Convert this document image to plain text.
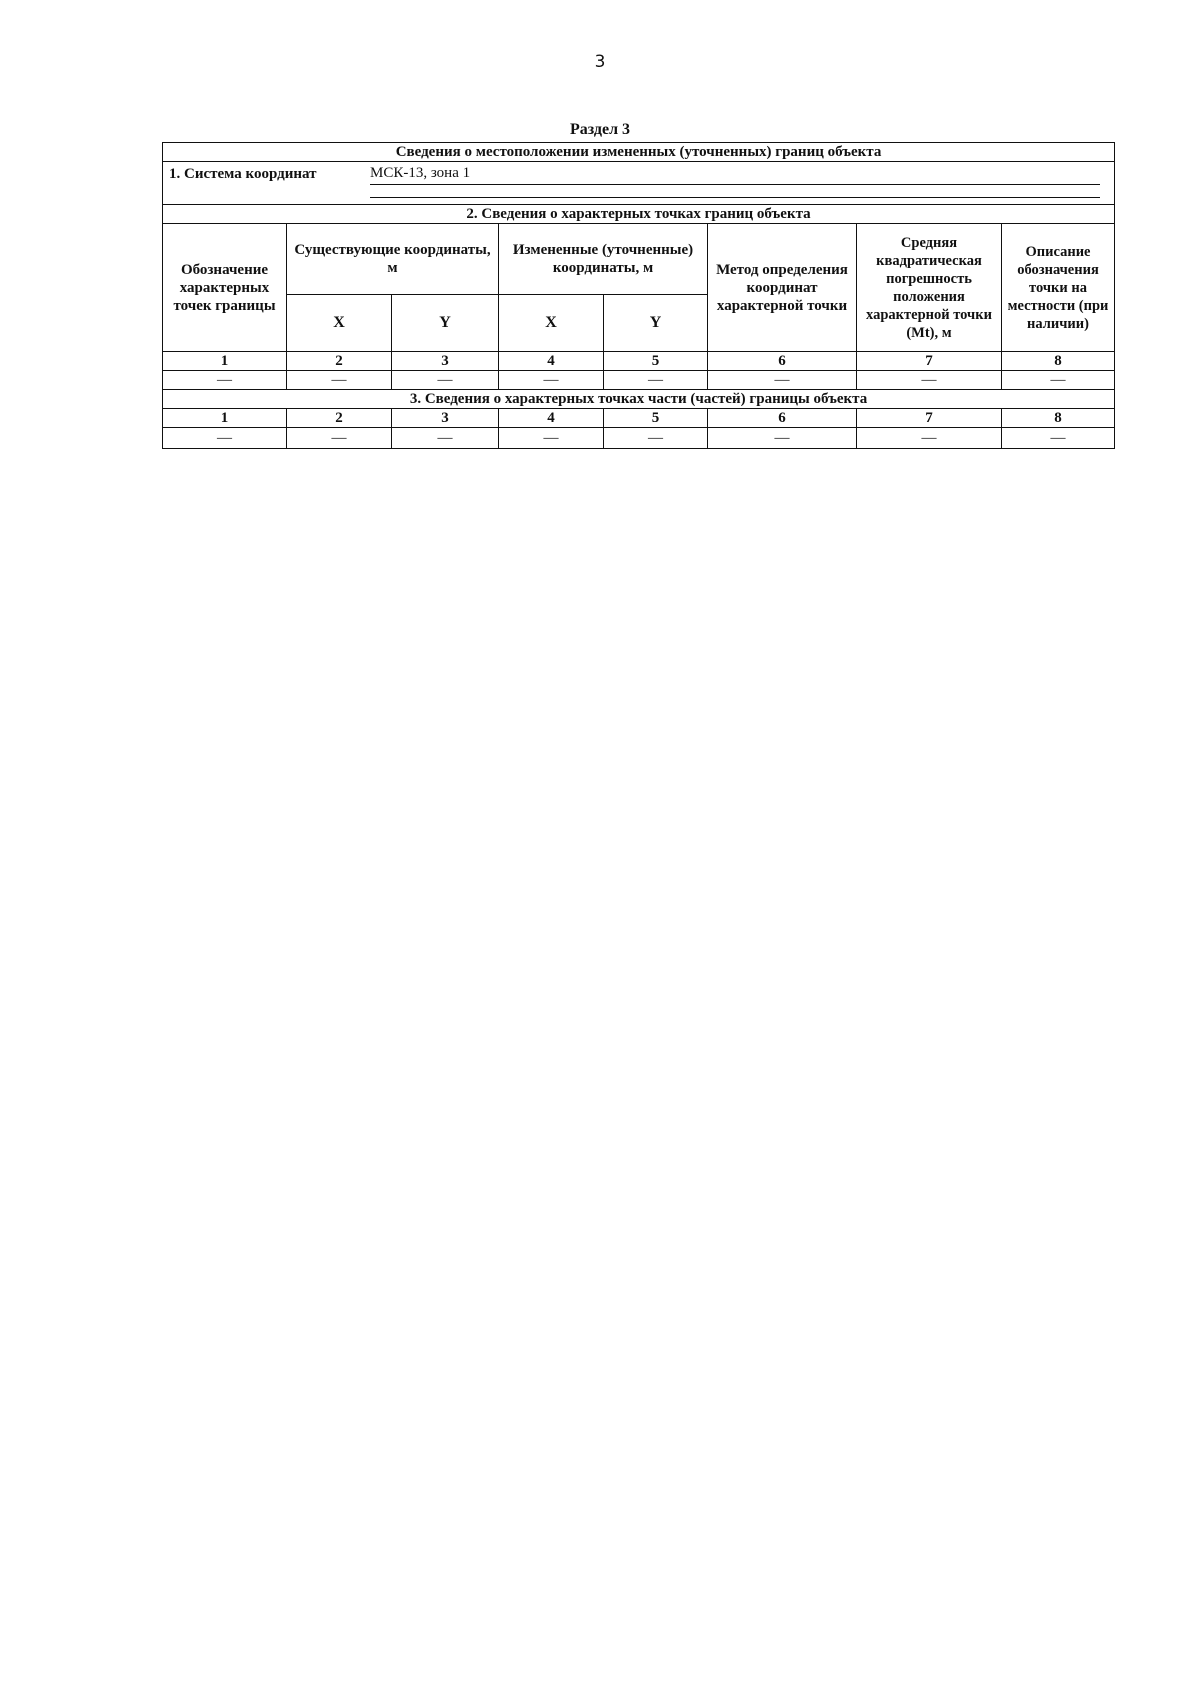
3
Раздел 3
Сведения о местоположении измененных (уточненных) границ объекта							

1. Система координат МСК-13, зона 1							

2. Сведения о характерных точках границ объекта							
Обозначение характерных точек границы	Существующие координаты, м		Измененные (уточненные) координаты, м		Метод определения координат характерной точки	Средняя квадратическая погрешность положения характерной точки (Mt), м	Описание обозначения точки на местности (при наличии)
	X	Y	X	Y			
1	2	3	4	5	6	7	8
—	—	—	—	—	—	—	—
3. Сведения о характерных точках части (частей) границы объекта							
1	2	3	4	5	6	7	8
—	—	—	—	—	—	—	—
